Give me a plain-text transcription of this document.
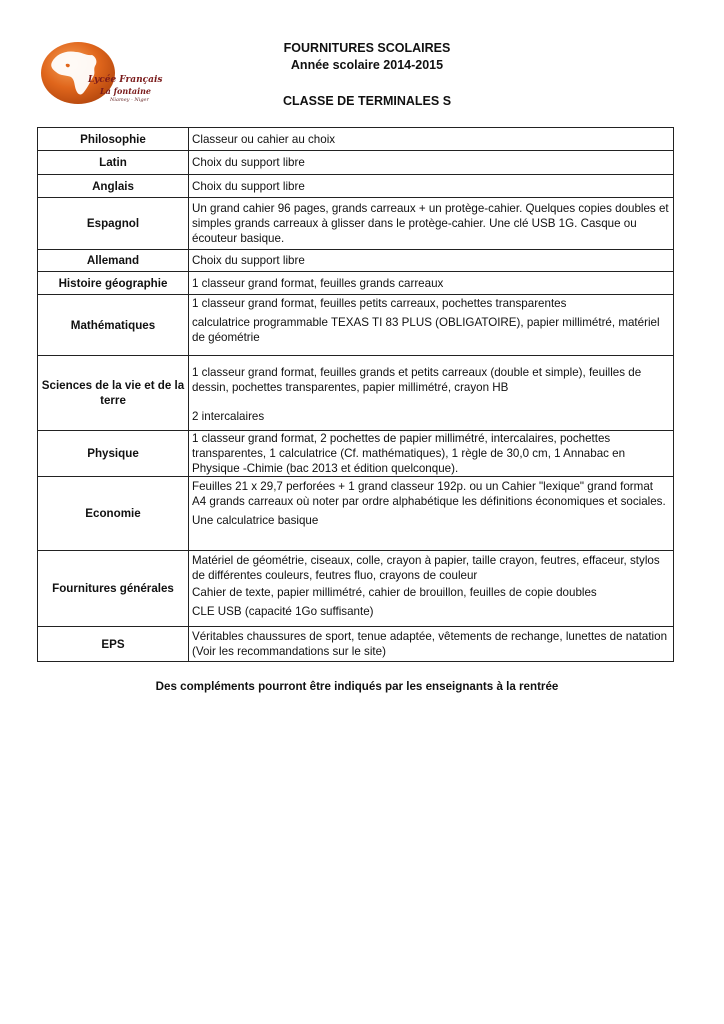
Lycée Français
La fontaine
Niamey - Niger
FOURNITURES SCOLAIRES
Année scolaire 2014-2015
CLASSE DE TERMINALES S
Philosophie	Classeur ou cahier au choix

Latin	Choix du support libre

Anglais	Choix du support libre

Espagnol	Un grand cahier 96 pages, grands carreaux + un protège-cahier. Quelques copies doubles et simples grands carreaux à glisser dans le protège-cahier. Une clé USB 1G. Casque ou écouteur basique.

Allemand	Choix du support libre

Histoire géographie	1 classeur grand format, feuilles grands carreaux

Mathématiques	1 classeur grand format, feuilles petits carreaux, pochettes transparentes
calculatrice programmable TEXAS TI 83 PLUS (OBLIGATOIRE), papier millimétré, matériel de géométrie

Sciences de la vie et de la terre	1 classeur grand format, feuilles grands et petits carreaux (double et simple), feuilles de dessin, pochettes transparentes, papier millimétré, crayon HB
2 intercalaires

Physique	1 classeur grand format, 2 pochettes de papier millimétré, intercalaires, pochettes transparentes, 1 calculatrice (Cf. mathématiques), 1 règle de 30,0 cm, 1 Annabac en Physique -Chimie (bac 2013 et édition quelconque).

Economie	Feuilles 21 x 29,7 perforées + 1 grand classeur 192p. ou un Cahier "lexique" grand format A4 grands carreaux où noter par ordre alphabétique les définitions économiques et sociales.
Une calculatrice basique

Fournitures générales	Matériel de géométrie, ciseaux, colle, crayon à papier, taille crayon, feutres, effaceur, stylos de différentes couleurs, feutres fluo, crayons de couleur
Cahier de texte, papier millimétré, cahier de brouillon, feuilles de copie doubles
CLE USB (capacité 1Go suffisante)

EPS	Véritables chaussures de sport, tenue adaptée, vêtements de rechange, lunettes de natation (Voir les recommandations sur le site)
Des compléments pourront être indiqués par les enseignants à la rentrée
